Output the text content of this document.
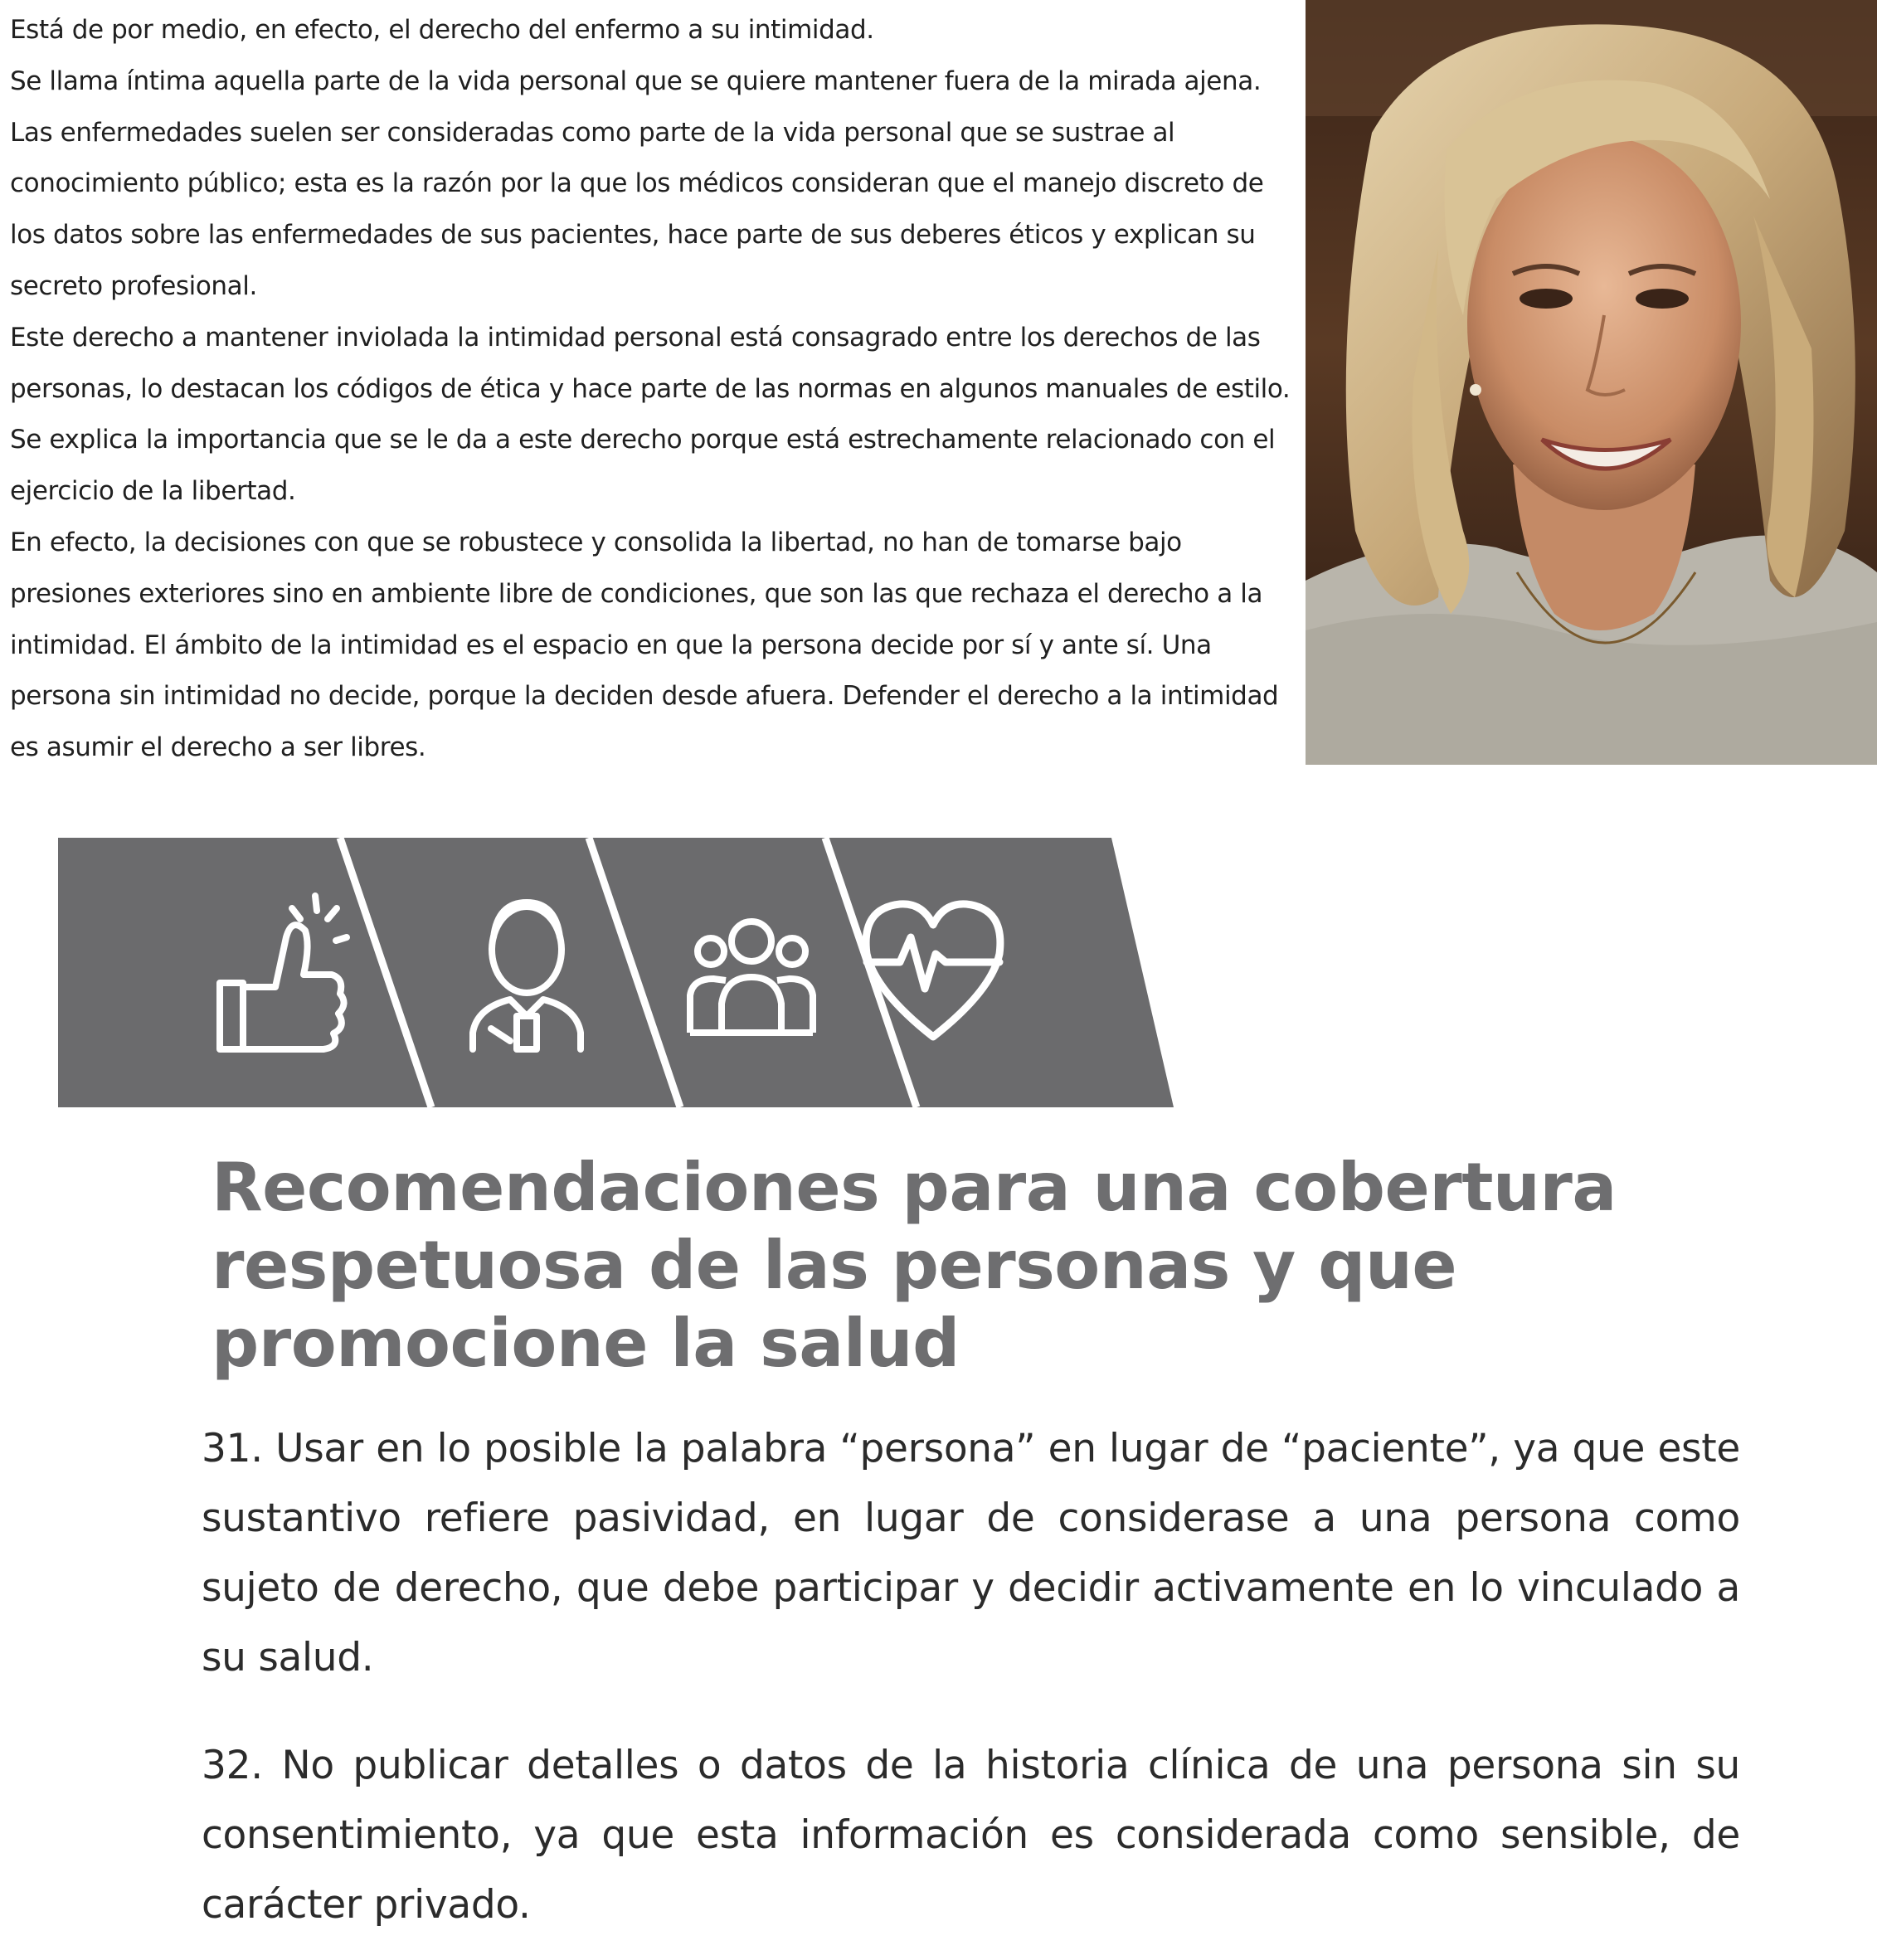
Está de por medio, en efecto, el derecho del enfermo a su intimidad.

Se llama íntima aquella parte de la vida personal que se quiere mantener fuera de la mirada ajena. Las enfermedades suelen ser consideradas como parte de la vida personal que se sustrae al conocimiento público; esta es la razón por la que los médicos consideran que el manejo discreto de los datos sobre las enfermedades de sus pacientes, hace parte de sus deberes éticos y explican su secreto profesional.

Este derecho a mantener inviolada la intimidad personal está consagrado entre los derechos de las personas, lo destacan los códigos de ética y hace parte de las normas en algunos manuales de estilo. Se explica la importancia que se le da a este derecho porque está estrechamente relacionado con el ejercicio de la libertad.

En efecto, la decisiones con que se robustece y consolida la libertad, no han de tomarse bajo presiones exteriores sino en ambiente libre de condiciones, que son las que rechaza el derecho a la intimidad. El ámbito de la intimidad es el espacio en que la persona decide por sí y ante sí. Una persona sin intimidad no decide, porque la deciden desde afuera. Defender el derecho a la intimidad es asumir el derecho a ser libres.

Recomendaciones para una cobertura respetuosa de las personas y que promocione la salud

31. Usar en lo posible la palabra “persona” en lugar de “paciente”, ya que este sustantivo refiere pasividad, en lugar de considerase a una persona como sujeto de derecho, que debe participar y decidir activamente en lo vinculado a su salud.

32. No publicar detalles o datos de la historia clínica de una persona sin su consentimiento, ya que esta información es considerada como sensible, de carácter privado.
